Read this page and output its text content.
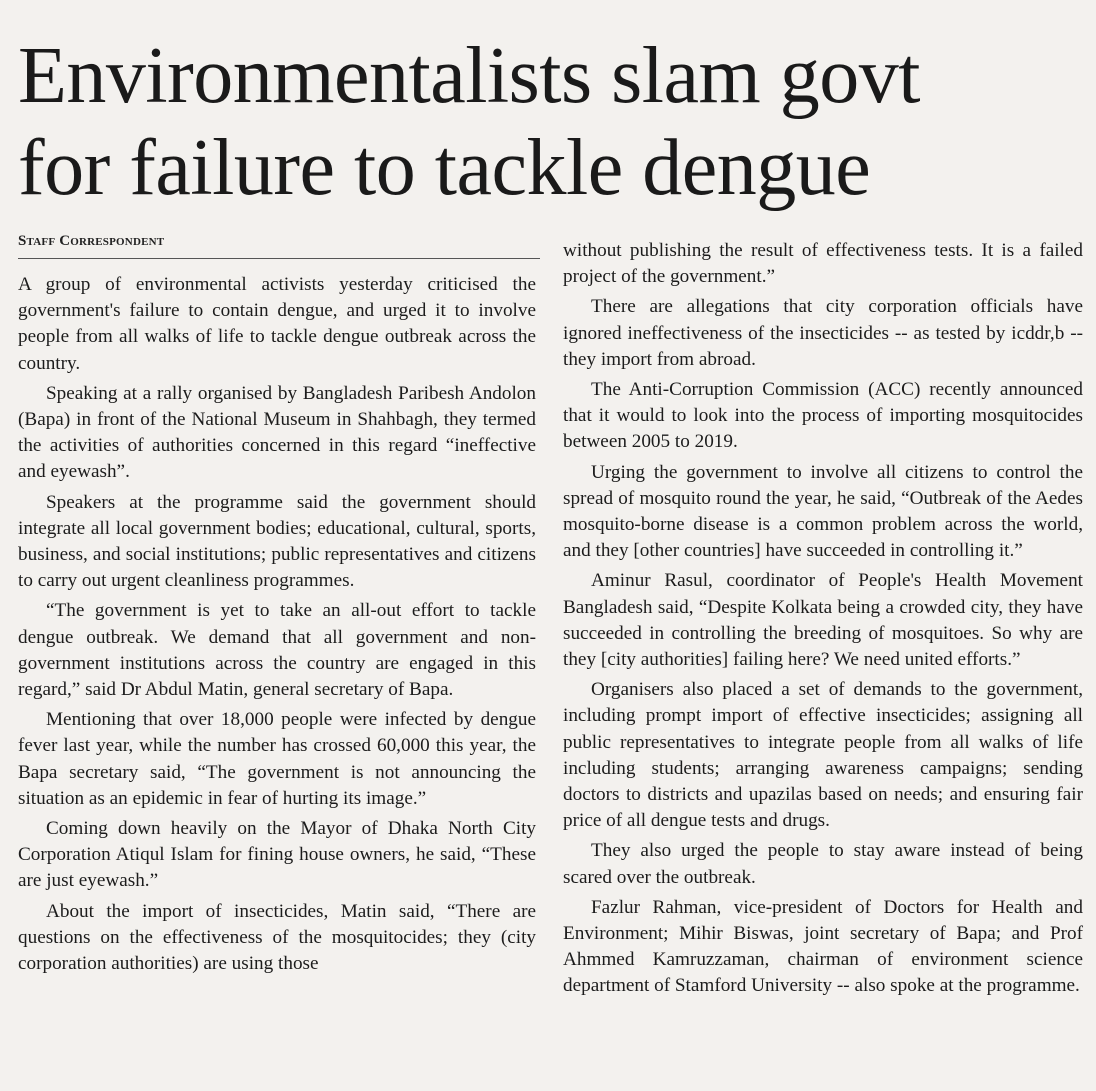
Environmentalists slam govt
for failure to tackle dengue
Staff Correspondent

A group of environmental activists yesterday criticised the government's failure to contain dengue, and urged it to involve people from all walks of life to tackle dengue outbreak across the country.

Speaking at a rally organised by Bangladesh Paribesh Andolon (Bapa) in front of the National Museum in Shahbagh, they termed the activities of authorities concerned in this regard “ineffective and eyewash”.

Speakers at the programme said the government should integrate all local government bodies; educational, cultural, sports, business, and social institutions; public representatives and citizens to carry out urgent cleanliness programmes.

“The government is yet to take an all-out effort to tackle dengue outbreak. We demand that all government and non-government institutions across the country are engaged in this regard,” said Dr Abdul Matin, general secretary of Bapa.

Mentioning that over 18,000 people were infected by dengue fever last year, while the number has crossed 60,000 this year, the Bapa secretary said, “The government is not announcing the situation as an epidemic in fear of hurting its image.”

Coming down heavily on the Mayor of Dhaka North City Corporation Atiqul Islam for fining house owners, he said, “These are just eyewash.”

About the import of insecticides, Matin said, “There are questions on the effectiveness of the mosquitocides; they (city corporation authorities) are using those

without publishing the result of effectiveness tests. It is a failed project of the government.”

There are allegations that city corporation officials have ignored ineffectiveness of the insecticides -- as tested by icddr,b -- they import from abroad.

The Anti-Corruption Commission (ACC) recently announced that it would to look into the process of importing mosquitocides between 2005 to 2019.

Urging the government to involve all citizens to control the spread of mosquito round the year, he said, “Outbreak of the Aedes mosquito-borne disease is a common problem across the world, and they [other countries] have succeeded in controlling it.”

Aminur Rasul, coordinator of People's Health Movement Bangladesh said, “Despite Kolkata being a crowded city, they have succeeded in controlling the breeding of mosquitoes. So why are they [city authorities] failing here? We need united efforts.”

Organisers also placed a set of demands to the government, including prompt import of effective insecticides; assigning all public representatives to integrate people from all walks of life including students; arranging awareness campaigns; sending doctors to districts and upazilas based on needs; and ensuring fair price of all dengue tests and drugs.

They also urged the people to stay aware instead of being scared over the outbreak.

Fazlur Rahman, vice-president of Doctors for Health and Environment; Mihir Biswas, joint secretary of Bapa; and Prof Ahmmed Kamruzzaman, chairman of environment science department of Stamford University -- also spoke at the programme.
